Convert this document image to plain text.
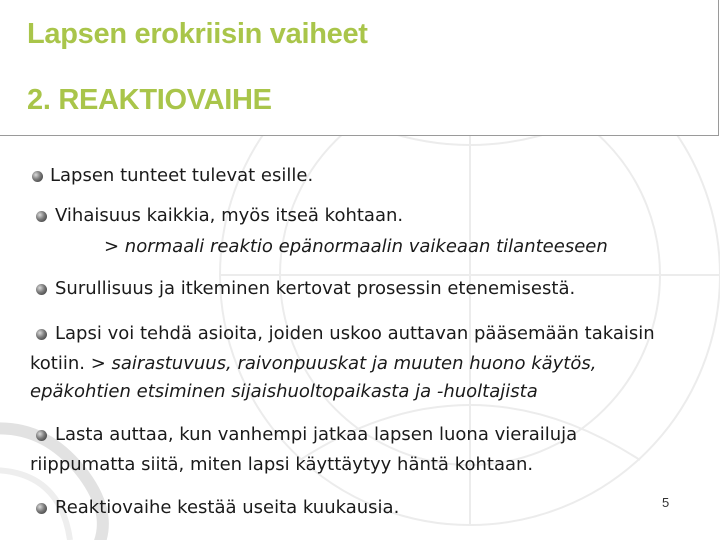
Lapsen erokriisin vaiheet
2. REAKTIOVAIHE
Lapsen tunteet tulevat esille.
Vihaisuus kaikkia, myös itseä kohtaan.
> normaali reaktio epänormaalin vaikeaan tilanteeseen
Surullisuus ja itkeminen kertovat prosessin etenemisestä.
Lapsi voi tehdä asioita, joiden uskoo auttavan pääsemään takaisin
kotiin. > sairastuvuus, raivonpuuskat ja muuten huono käytös,
epäkohtien etsiminen sijaishuoltopaikasta ja -huoltajista
Lasta auttaa, kun vanhempi jatkaa lapsen luona vierailuja
riippumatta siitä, miten lapsi käyttäytyy häntä kohtaan.
Reaktiovaihe kestää useita kuukausia.	5
